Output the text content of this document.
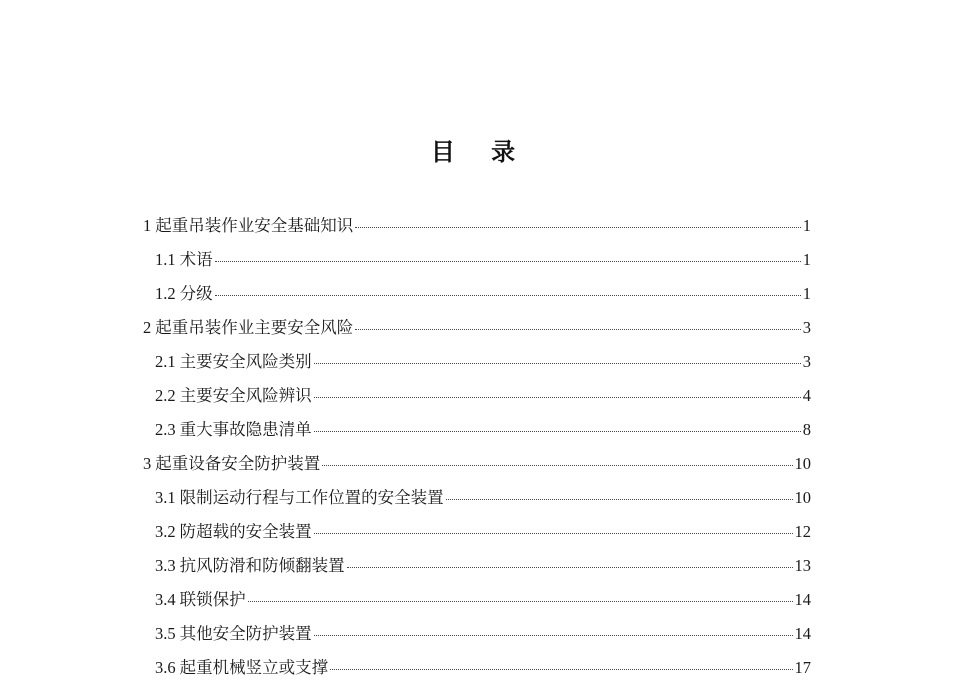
目 录
1 起重吊装作业安全基础知识	1
1.1 术语	1
1.2 分级	1
2 起重吊装作业主要安全风险	3
2.1 主要安全风险类别	3
2.2 主要安全风险辨识	4
2.3 重大事故隐患清单	8
3 起重设备安全防护装置	10
3.1 限制运动行程与工作位置的安全装置	10
3.2 防超载的安全装置	12
3.3 抗风防滑和防倾翻装置	13
3.4 联锁保护	14
3.5 其他安全防护装置	14
3.6 起重机械竖立或支撑	17
